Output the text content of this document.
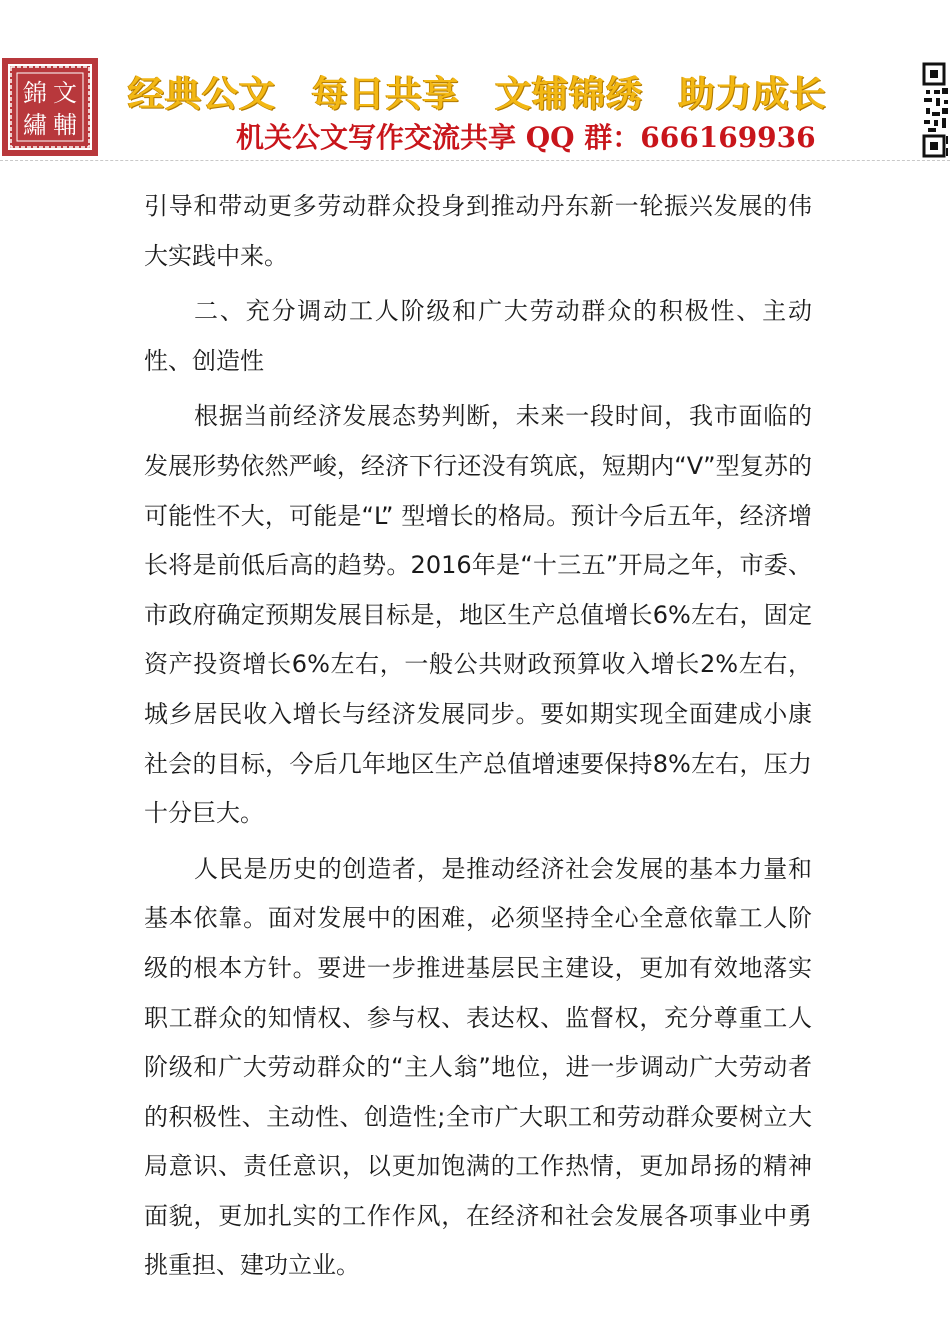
錦 文
繡 輔
经典公文 每日共享 文辅锦绣 助力成长
机关公文写作交流共享 QQ 群：666169936

引导和带动更多劳动群众投身到推动丹东新一轮振兴发展的伟大实践中来。

二、充分调动工人阶级和广大劳动群众的积极性、主动性、创造性

根据当前经济发展态势判断，未来一段时间，我市面临的发展形势依然严峻，经济下行还没有筑底，短期内“V”型复苏的可能性不大，可能是“L” 型增长的格局。预计今后五年，经济增长将是前低后高的趋势。2016年是“十三五”开局之年，市委、市政府确定预期发展目标是，地区生产总值增长6%左右，固定资产投资增长6%左右，一般公共财政预算收入增长2%左右，城乡居民收入增长与经济发展同步。要如期实现全面建成小康社会的目标，今后几年地区生产总值增速要保持8%左右，压力十分巨大。

人民是历史的创造者，是推动经济社会发展的基本力量和基本依靠。面对发展中的困难，必须坚持全心全意依靠工人阶级的根本方针。要进一步推进基层民主建设，更加有效地落实职工群众的知情权、参与权、表达权、监督权，充分尊重工人阶级和广大劳动群众的“主人翁”地位，进一步调动广大劳动者的积极性、主动性、创造性;全市广大职工和劳动群众要树立大局意识、责任意识，以更加饱满的工作热情，更加昂扬的精神面貌，更加扎实的工作作风，在经济和社会发展各项事业中勇挑重担、建功立业。
